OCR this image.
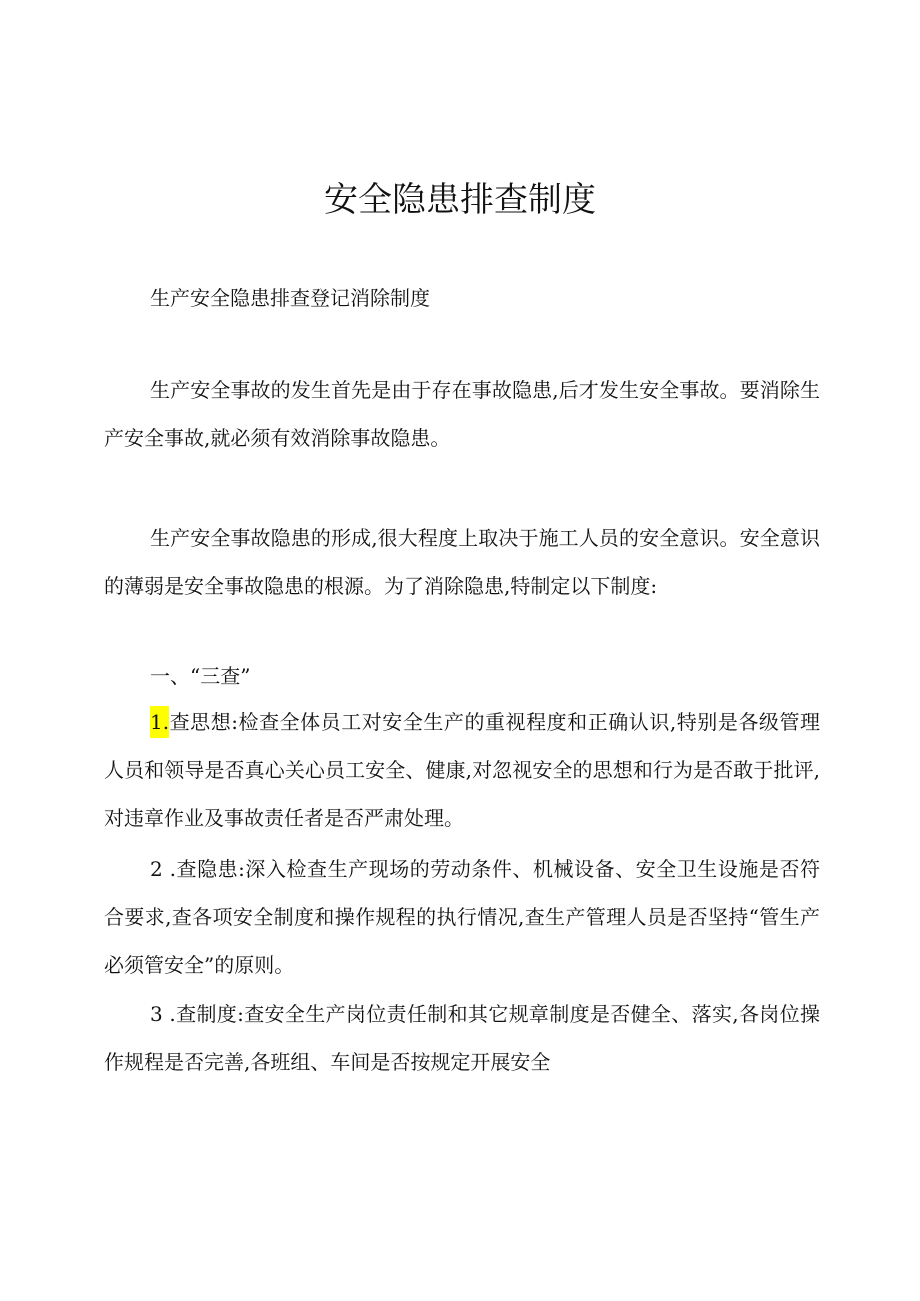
安全隐患排查制度

生产安全隐患排查登记消除制度

生产安全事故的发生首先是由于存在事故隐患,后才发生安全事故。要消除生产安全事故,就必须有效消除事故隐患。

生产安全事故隐患的形成,很大程度上取决于施工人员的安全意识。安全意识的薄弱是安全事故隐患的根源。为了消除隐患,特制定以下制度:

一、“三查”

1.查思想:检查全体员工对安全生产的重视程度和正确认识,特别是各级管理人员和领导是否真心关心员工安全、健康,对忽视安全的思想和行为是否敢于批评,对违章作业及事故责任者是否严肃处理。

2 .查隐患:深入检查生产现场的劳动条件、机械设备、安全卫生设施是否符合要求,查各项安全制度和操作规程的执行情况,查生产管理人员是否坚持“管生产必须管安全”的原则。

3 .查制度:查安全生产岗位责任制和其它规章制度是否健全、落实,各岗位操作规程是否完善,各班组、车间是否按规定开展安全
